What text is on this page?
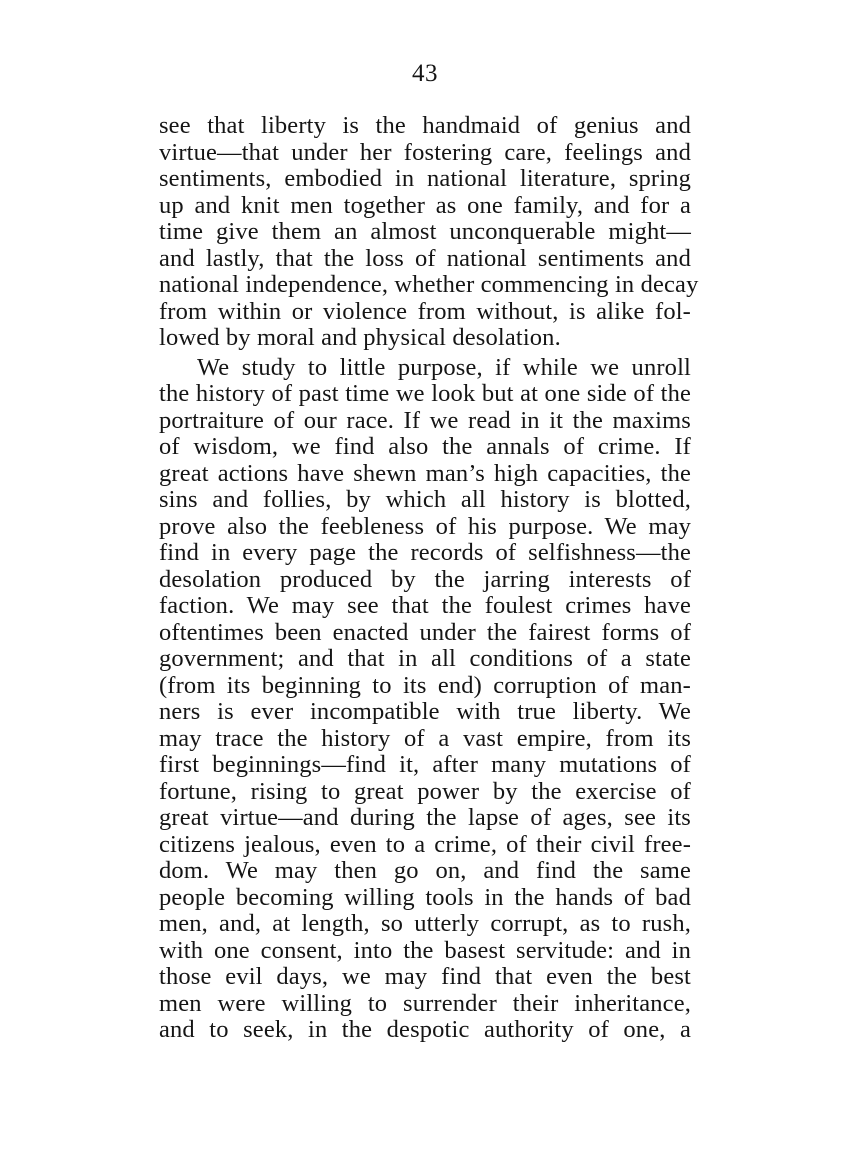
43
see that liberty is the handmaid of genius and
virtue—that under her fostering care, feelings and
sentiments, embodied in national literature, spring
up and knit men together as one family, and for a
time give them an almost unconquerable might—
and lastly, that the loss of national sentiments and
national independence, whether commencing in decay
from within or violence from without, is alike fol-
lowed by moral and physical desolation.
We study to little purpose, if while we unroll
the history of past time we look but at one side of the
portraiture of our race. If we read in it the maxims
of wisdom, we find also the annals of crime. If
great actions have shewn man’s high capacities, the
sins and follies, by which all history is blotted,
prove also the feebleness of his purpose. We may
find in every page the records of selfishness—the
desolation produced by the jarring interests of
faction. We may see that the foulest crimes have
oftentimes been enacted under the fairest forms of
government; and that in all conditions of a state
(from its beginning to its end) corruption of man-
ners is ever incompatible with true liberty. We
may trace the history of a vast empire, from its
first beginnings—find it, after many mutations of
fortune, rising to great power by the exercise of
great virtue—and during the lapse of ages, see its
citizens jealous, even to a crime, of their civil free-
dom. We may then go on, and find the same
people becoming willing tools in the hands of bad
men, and, at length, so utterly corrupt, as to rush,
with one consent, into the basest servitude: and in
those evil days, we may find that even the best
men were willing to surrender their inheritance,
and to seek, in the despotic authority of one, a
